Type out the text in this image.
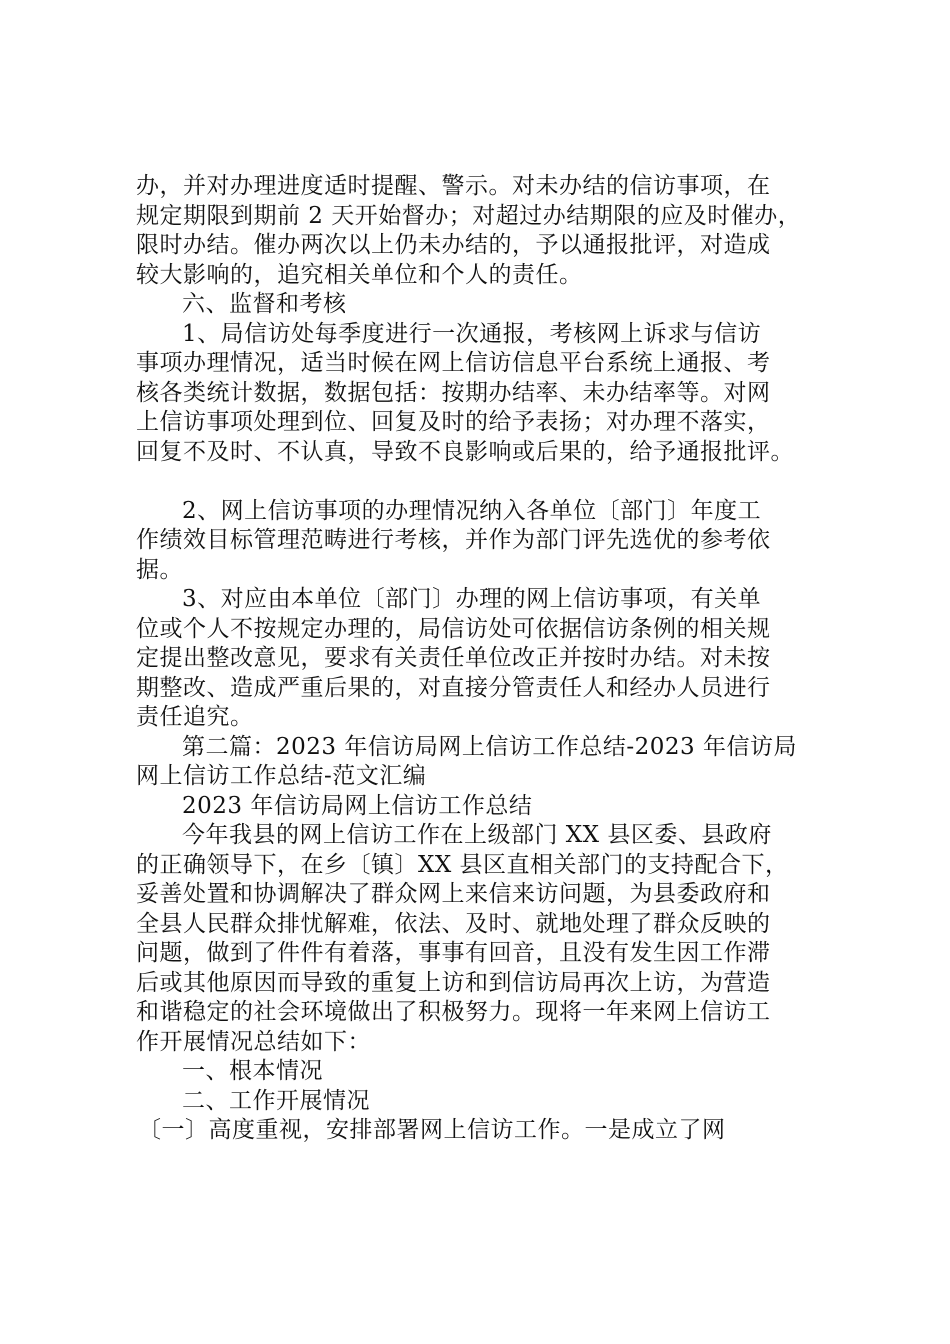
办，并对办理进度适时提醒、警示。对未办结的信访事项，在
规定期限到期前 2 天开始督办；对超过办结期限的应及时催办，
限时办结。催办两次以上仍未办结的，予以通报批评，对造成
较大影响的，追究相关单位和个人的责任。
六、监督和考核
1、局信访处每季度进行一次通报，考核网上诉求与信访
事项办理情况，适当时候在网上信访信息平台系统上通报、考
核各类统计数据，数据包括：按期办结率、未办结率等。对网
上信访事项处理到位、回复及时的给予表扬；对办理不落实，
回复不及时、不认真，导致不良影响或后果的，给予通报批评。
2、网上信访事项的办理情况纳入各单位〔部门〕年度工
作绩效目标管理范畴进行考核，并作为部门评先选优的参考依
据。
3、对应由本单位〔部门〕办理的网上信访事项，有关单
位或个人不按规定办理的，局信访处可依据信访条例的相关规
定提出整改意见，要求有关责任单位改正并按时办结。对未按
期整改、造成严重后果的，对直接分管责任人和经办人员进行
责任追究。
第二篇：2023 年信访局网上信访工作总结-2023 年信访局
网上信访工作总结-范文汇编
2023 年信访局网上信访工作总结
今年我县的网上信访工作在上级部门 XX 县区委、县政府
的正确领导下，在乡〔镇〕XX 县区直相关部门的支持配合下，
妥善处置和协调解决了群众网上来信来访问题，为县委政府和
全县人民群众排忧解难，依法、及时、就地处理了群众反映的
问题，做到了件件有着落，事事有回音，且没有发生因工作滞
后或其他原因而导致的重复上访和到信访局再次上访，为营造
和谐稳定的社会环境做出了积极努力。现将一年来网上信访工
作开展情况总结如下：
一、根本情况
二、工作开展情况
〔一〕高度重视，安排部署网上信访工作。一是成立了网
